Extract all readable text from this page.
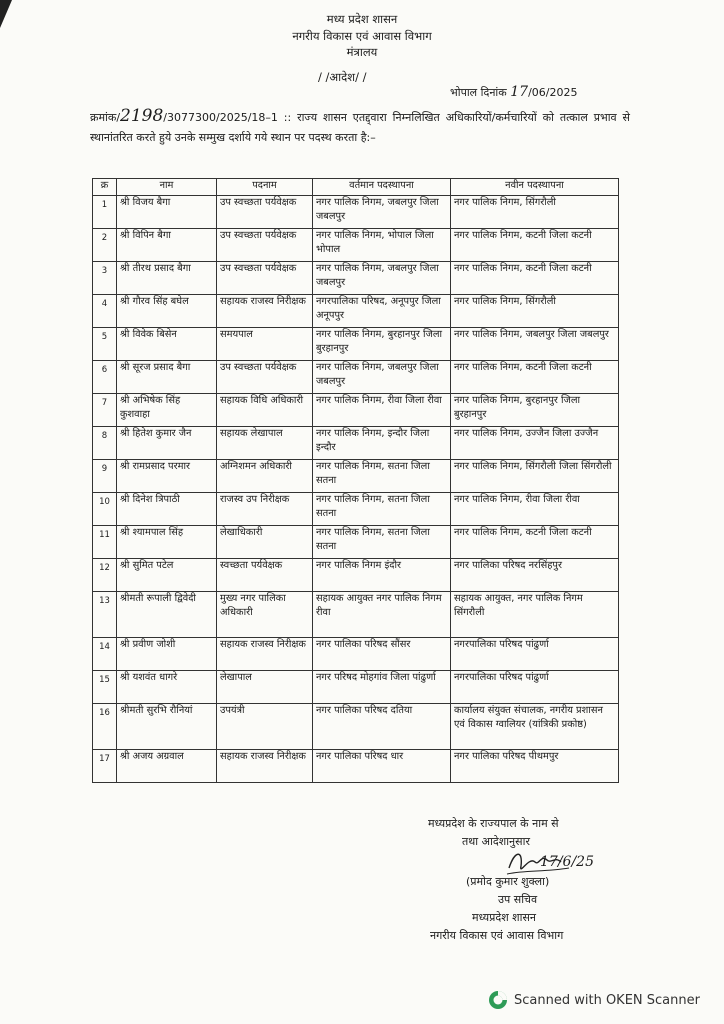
मध्य प्रदेश शासन
नगरीय विकास एवं आवास विभाग
मंत्रालय
/ /आदेश/ /
भोपाल दिनांक 17/06/2025
क्रमांक/2198/3077300/2025/18–1 :: राज्य शासन एतद्द्वारा निम्नलिखित अधिकारियों/कर्मचारियों को तत्काल प्रभाव से स्थानांतरित करते हुये उनके सम्मुख दर्शाये गये स्थान पर पदस्थ करता है:–
क्र	नाम	पदनाम	वर्तमान पदस्थापना	नवीन पदस्थापना
1	श्री विजय बैगा	उप स्वच्छता पर्यवेक्षक	नगर पालिक निगम, जबलपुर जिला जबलपुर	नगर पालिक निगम, सिंगरौली
2	श्री विपिन बैगा	उप स्वच्छता पर्यवेक्षक	नगर पालिक निगम, भोपाल जिला भोपाल	नगर पालिक निगम, कटनी जिला कटनी
3	श्री तीरथ प्रसाद बैगा	उप स्वच्छता पर्यवेक्षक	नगर पालिक निगम, जबलपुर जिला जबलपुर	नगर पालिक निगम, कटनी जिला कटनी
4	श्री गौरव सिंह बघेल	सहायक राजस्व निरीक्षक	नगरपालिका परिषद, अनूपपुर जिला अनूपपुर	नगर पालिक निगम, सिंगरौली
5	श्री विवेक बिसेन	समयपाल	नगर पालिक निगम, बुरहानपुर जिला बुरहानपुर	नगर पालिक निगम, जबलपुर जिला जबलपुर
6	श्री सूरज प्रसाद बैगा	उप स्वच्छता पर्यवेक्षक	नगर पालिक निगम, जबलपुर जिला जबलपुर	नगर पालिक निगम, कटनी जिला कटनी
7	श्री अभिषेक सिंह कुशवाहा	सहायक विधि अधिकारी	नगर पालिक निगम, रीवा जिला रीवा	नगर पालिक निगम, बुरहानपुर जिला बुरहानपुर
8	श्री हितेश कुमार जैन	सहायक लेखापाल	नगर पालिक निगम, इन्दौर जिला इन्दौर	नगर पालिक निगम, उज्जैन जिला उज्जैन
9	श्री रामप्रसाद परमार	अग्निशमन अधिकारी	नगर पालिक निगम, सतना जिला सतना	नगर पालिक निगम, सिंगरौली जिला सिंगरौली
10	श्री दिनेश त्रिपाठी	राजस्व उप निरीक्षक	नगर पालिक निगम, सतना जिला सतना	नगर पालिक निगम, रीवा जिला रीवा
11	श्री श्यामपाल सिंह	लेखाधिकारी	नगर पालिक निगम, सतना जिला सतना	नगर पालिक निगम, कटनी जिला कटनी
12	श्री सुमित पटेल	स्वच्छता पर्यवेक्षक	नगर पालिक निगम इंदौर	नगर पालिका परिषद नरसिंहपुर
13	श्रीमती रूपाली द्विवेदी	मुख्य नगर पालिका अधिकारी	सहायक आयुक्त नगर पालिक निगम रीवा	सहायक आयुक्त, नगर पालिक निगम सिंगरौली
14	श्री प्रवीण जोशी	सहायक राजस्व निरीक्षक	नगर पालिका परिषद सौंसर	नगरपालिका परिषद पांढुर्णा
15	श्री यशवंत धागरे	लेखापाल	नगर परिषद मोहगांव जिला पांढुर्णा	नगरपालिका परिषद पांढुर्णा
16	श्रीमती सुरभि रौनियां	उपयंत्री	नगर पालिका परिषद दतिया	कार्यालय संयुक्त संचालक, नगरीय प्रशासन एवं विकास ग्वालियर (यांत्रिकी प्रकोष्ठ)
17	श्री अजय अग्रवाल	सहायक राजस्व निरीक्षक	नगर पालिका परिषद धार	नगर पालिका परिषद पीथमपुर
मध्यप्रदेश के राज्यपाल के नाम से
तथा आदेशानुसार
17/6/25
(प्रमोद कुमार शुक्ला)
उप सचिव
मध्यप्रदेश शासन
नगरीय विकास एवं आवास विभाग
Scanned with OKEN Scanner
